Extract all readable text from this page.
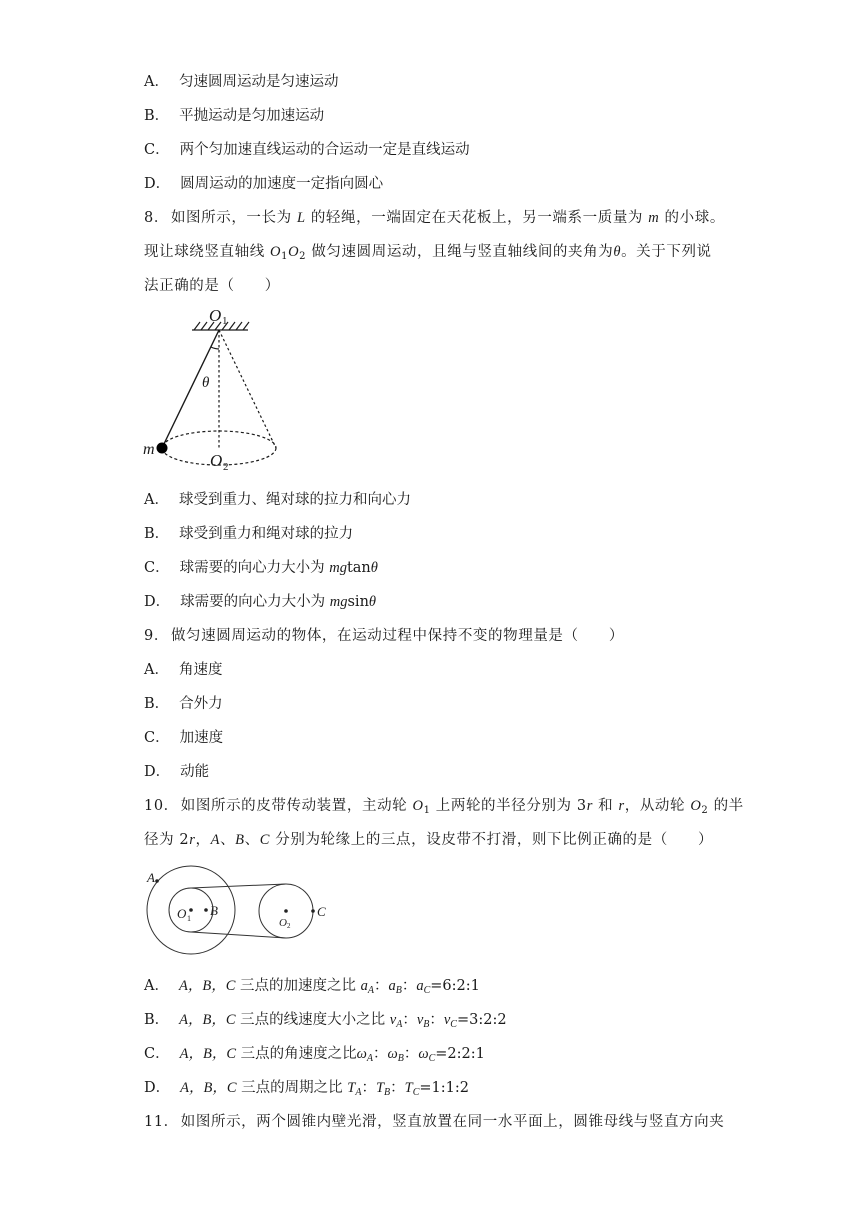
A． 匀速圆周运动是匀速运动
B． 平抛运动是匀加速运动
C． 两个匀加速直线运动的合运动一定是直线运动
D． 圆周运动的加速度一定指向圆心
8． 如图所示，一长为 L 的轻绳，一端固定在天花板上，另一端系一质量为 m 的小球。
现让球绕竖直轴线 $O_1O_2$ 做匀速圆周运动，且绳与竖直轴线间的夹角为θ。关于下列说
法正确的是（　　）
O 1
θ
m
O 2
A． 球受到重力、绳对球的拉力和向心力
B． 球受到重力和绳对球的拉力
C． 球需要的向心力大小为 mgtanθ
D． 球需要的向心力大小为 mgsinθ
9． 做匀速圆周运动的物体，在运动过程中保持不变的物理量是（　　）
A． 角速度
B． 合外力
C． 加速度
D． 动能
10． 如图所示的皮带传动装置，主动轮 $O_1$ 上两轮的半径分别为 3r 和 r，从动轮 $O_2$ 的半
径为 2r，A、B、C 分别为轮缘上的三点，设皮带不打滑，则下比例正确的是（　　）
A
O 1
B
O 2
C
A． A，B，C 三点的加速度之比 $a_A$：$a_B$：$a_C=6:2:1$
B． A，B，C 三点的线速度大小之比 $v_A$：$v_B$：$v_C=3:2:2$
C． A，B，C 三点的角速度之比$\omega_A$：$\omega_B$：$\omega_C=2:2:1$
D． A，B，C 三点的周期之比 $T_A$：$T_B$：$T_C=1:1:2$
11． 如图所示，两个圆锥内壁光滑，竖直放置在同一水平面上，圆锥母线与竖直方向夹
